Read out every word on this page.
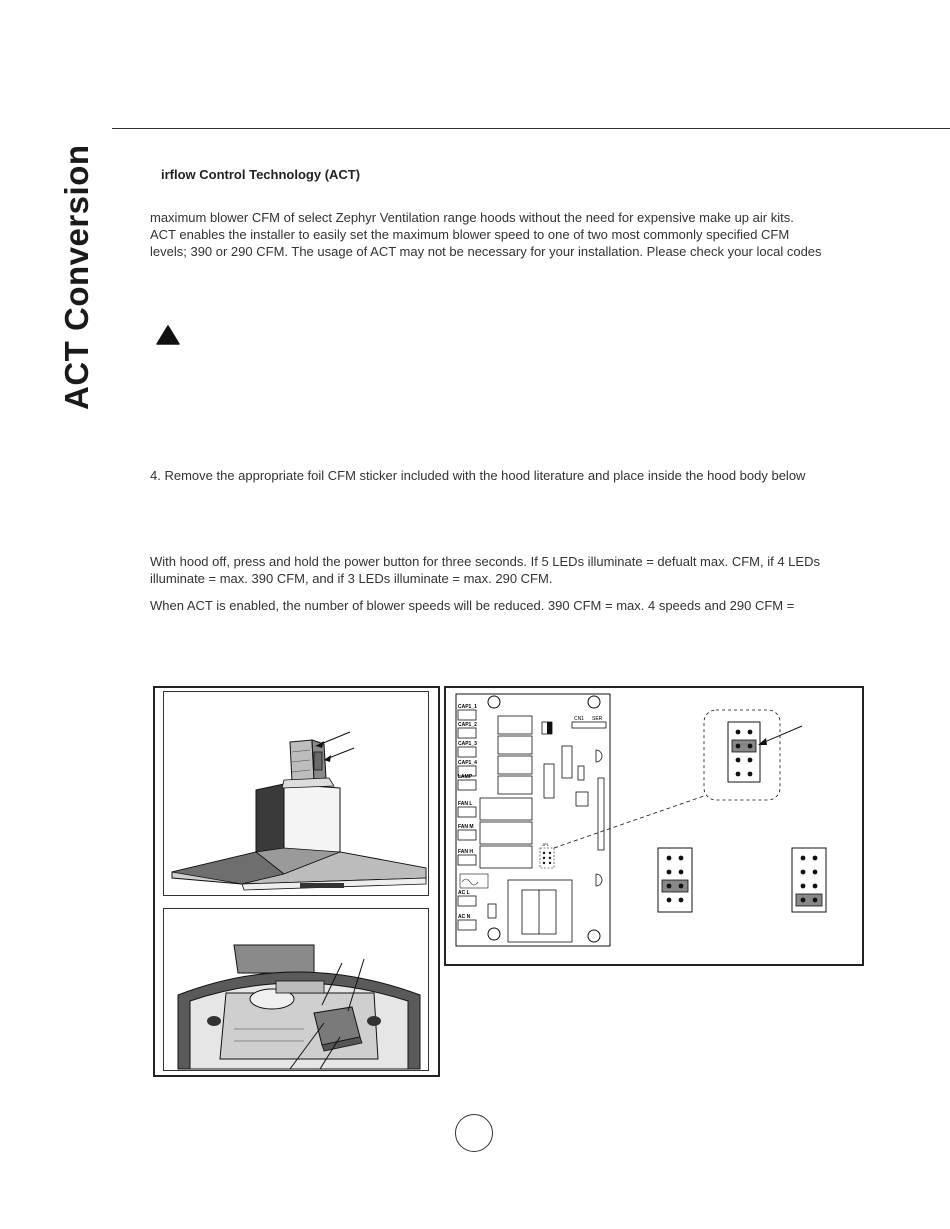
ACT Conversion	irflow Control Technology (ACT)
maximum blower CFM of select Zephyr Ventilation range hoods without the need for expensive make up air kits.
ACT enables the installer to easily set the maximum blower speed to one of two most commonly specified CFM
levels; 390 or 290 CFM. The usage of ACT may not be necessary for your installation. Please check your local codes
4. Remove the appropriate foil CFM sticker included with the hood literature and place inside the hood body below
With hood off, press and hold the power button for three seconds. If 5 LEDs illuminate = defualt max. CFM, if 4 LEDs
illuminate = max. 390 CFM, and if 3 LEDs illuminate = max. 290 CFM.
When ACT is enabled, the number of blower speeds will be reduced. 390 CFM = max. 4 speeds and 290 CFM =
CAP1_1
CAP1_2
CAP1_3
CAP1_4
LAMP
FAN L
FAN M
FAN H
AC L
AC N
CN1 SER
JP1
